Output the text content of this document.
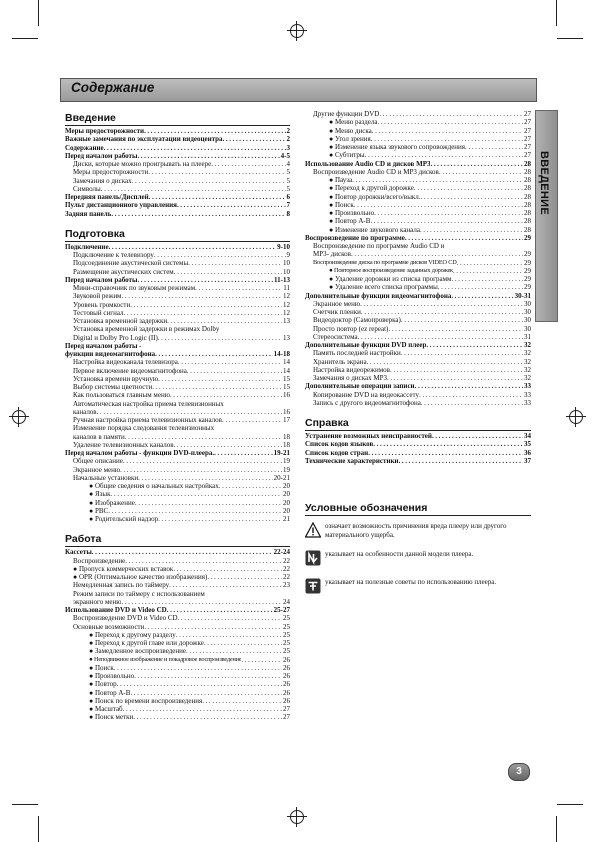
Содержание
ВВЕДЕНИЕ
Введение
Меры предосторожности .....	2
Важные замечания по эксплуатации видеоцентра .....	2
Содержание .....	3
Перед началом работы .....	4-5
Диски, которые можно проигрывать на плеере .....	4
Меры предосторожности .....	5
Замечания о дисках .....	5
Символы .....	5
Передняя панель/Дисплей .....	6
Пульт дистанционного управления .....	7
Задняя панель .....	8
Подготовка
Подключение .....	9-10
Подключение к телевизору .....	9
Подсоединение акустической системы .....	10
Размещение акустических систем .....	10
Перед началом работы .....	11-13
Мини-справочник по звуковым режимам .....	11
Звуковой режим .....	12
Уровень громкости .....	12
Тестовый сигнал .....	12
Установка временной задержки .....	13
Установка временной задержки в режимах Dolby
Digital и Dolby Pro Logic (II) .....	13
Перед началом работы -
функции видеомагнитофона .....	14-18
Настройка видеоканала телевизора .....	14
Первое включение видеомагнитофона .....	14
Установка времени вручную .....	15
Выбор системы цветности .....	15
Как пользоваться главным меню .....	16
Автоматическая настройка приема телевизионных
каналов .....	16
Ручная настройка приема телевизионных каналов .....	17
Изменение порядка следования телевизионных
каналов в памяти .....	18
Удаление телевизионных каналов .....	18
Перед началом работы - функции DVD-плеера. .....	19-21
Общее описание .....	19
Экранное меню .....	19
Начальные установки .....	20-21
● Общие сведения о начальных настройках .....	20
● Язык .....	20
● Изображение .....	20
● PBC .....	20
● Родительский надзор .....	21
Работа
Кассеты .....	22-24
Воспроизведение .....	22
● Пропуск коммерческих вставок .....	22
● OPR (Оптимальное качество изображения) .....	22
Немедленная запись по таймеру .....	23
Режим записи по таймеру с использованием
экранного меню .....	24
Использование DVD и Video CD .....	25-27
Воспроизведение DVD и Video CD .....	25
Основные возможности .....	25
● Переход к другому разделу .....	25
● Переход к другой главе или дорожке .....	25
● Замедленное воспроизведение .....	25
● Неподвижное изображение и покадровое воспроизведение .....	26
● Поиск .....	26
● Произвольно .....	26
● Повтор .....	26
● Повтор A-B .....	26
● Поиск по времени воспроизведения .....	26
● Масштаб .....	27
● Поиск метки .....	27
Другие функции DVD .....	27
● Меню раздела .....	27
● Меню диска .....	27
● Угол зрения .....	27
● Изменение языка звукового сопровождения .....	27
● Субтитры .....	27
Использование Audio CD и дисков MP3 .....	28
Воспроизведение Audio CD и MP3 дисков .....	28
● Пауза .....	28
● Переход к другой дорожке .....	28
● Повтор дорожки/всего/выкл. .....	28
● Поиск .....	28
● Произвольно .....	28
● Повтор A-B .....	28
● Изменение звукового канала .....	28
Воспроизведение по программе .....	29
Воспроизведение по программе Audio CD и
MP3- дисков .....	29
Воспроизведение диска по программе дисков VIDEO CD .....	29
● Повторное воспроизведение заданных дорожек .....	29
● Удаление дорожки из списка программ .....	29
● Удаление всего списка программы .....	29
Дополнительные функции видеомагнитофона .....	30-31
Экранное меню .....	30
Счетчик пленки .....	30
Видеодоктор (Самопроверка) .....	30
Просто повтор (ez repeat) .....	30
Стереосистема .....	31
Дополнительные функции DVD плеер .....	32
Память последней настройки .....	32
Хранитель экрана .....	32
Настройка видеорежимов .....	32
Замечания о дисках MP3 .....	32
Дополнительные операции записи .....	33
Копирование DVD на видеокассету .....	33
Запись с другого видеомагнитофона .....	33
Справка
Устранение возможных неисправностей .....	34
Список кодов языков .....	35
Список кодов стран .....	36
Технические характеристики .....	37
Условные обозначения
означает возможность причинения вреда плееру или другого материального ущерба.
указывает на особенности данной модели плеера.
указывает на полезные советы по использованию плеера.
3
